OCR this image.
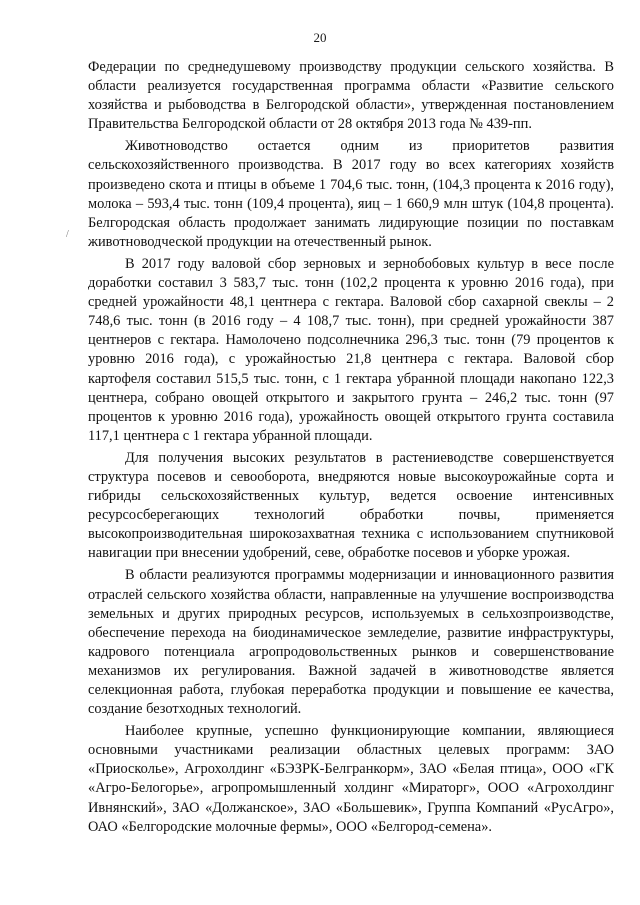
20

Федерации по среднедушевому производству продукции сельского хозяйства. В области реализуется государственная программа области «Развитие сельского хозяйства и рыбоводства в Белгородской области», утвержденная постановлением Правительства Белгородской области от 28 октября 2013 года № 439-пп.

Животноводство остается одним из приоритетов развития сельскохозяйственного производства. В 2017 году во всех категориях хозяйств произведено скота и птицы в объеме 1 704,6 тыс. тонн, (104,3 процента к 2016 году), молока – 593,4 тыс. тонн (109,4 процента), яиц – 1 660,9 млн штук (104,8 процента). Белгородская область продолжает занимать лидирующие позиции по поставкам животноводческой продукции на отечественный рынок.

В 2017 году валовой сбор зерновых и зернобобовых культур в весе после доработки составил 3 583,7 тыс. тонн (102,2 процента к уровню 2016 года), при средней урожайности 48,1 центнера с гектара. Валовой сбор сахарной свеклы – 2 748,6 тыс. тонн (в 2016 году – 4 108,7 тыс. тонн), при средней урожайности 387 центнеров с гектара. Намолочено подсолнечника 296,3 тыс. тонн (79 процентов к уровню 2016 года), с урожайностью 21,8 центнера с гектара. Валовой сбор картофеля составил 515,5 тыс. тонн, с 1 гектара убранной площади накопано 122,3 центнера, собрано овощей открытого и закрытого грунта – 246,2 тыс. тонн (97 процентов к уровню 2016 года), урожайность овощей открытого грунта составила 117,1 центнера с 1 гектара убранной площади.

Для получения высоких результатов в растениеводстве совершенствуется структура посевов и севооборота, внедряются новые высокоурожайные сорта и гибриды сельскохозяйственных культур, ведется освоение интенсивных ресурсосберегающих технологий обработки почвы, применяется высокопроизводительная широкозахватная техника с использованием спутниковой навигации при внесении удобрений, севе, обработке посевов и уборке урожая.

В области реализуются программы модернизации и инновационного развития отраслей сельского хозяйства области, направленные на улучшение воспроизводства земельных и других природных ресурсов, используемых в сельхозпроизводстве, обеспечение перехода на биодинамическое земледелие, развитие инфраструктуры, кадрового потенциала агропродовольственных рынков и совершенствование механизмов их регулирования. Важной задачей в животноводстве является селекционная работа, глубокая переработка продукции и повышение ее качества, создание безотходных технологий.

Наиболее крупные, успешно функционирующие компании, являющиеся основными участниками реализации областных целевых программ: ЗАО «Приосколье», Агрохолдинг «БЭЗРК-Белгранкорм», ЗАО «Белая птица», ООО «ГК «Агро-Белогорье», агропромышленный холдинг «Мираторг», ООО «Агрохолдинг Ивнянский», ЗАО «Должанское», ЗАО «Большевик», Группа Компаний «РусАгро», ОАО «Белгородские молочные фермы», ООО «Белгород-семена».

/
